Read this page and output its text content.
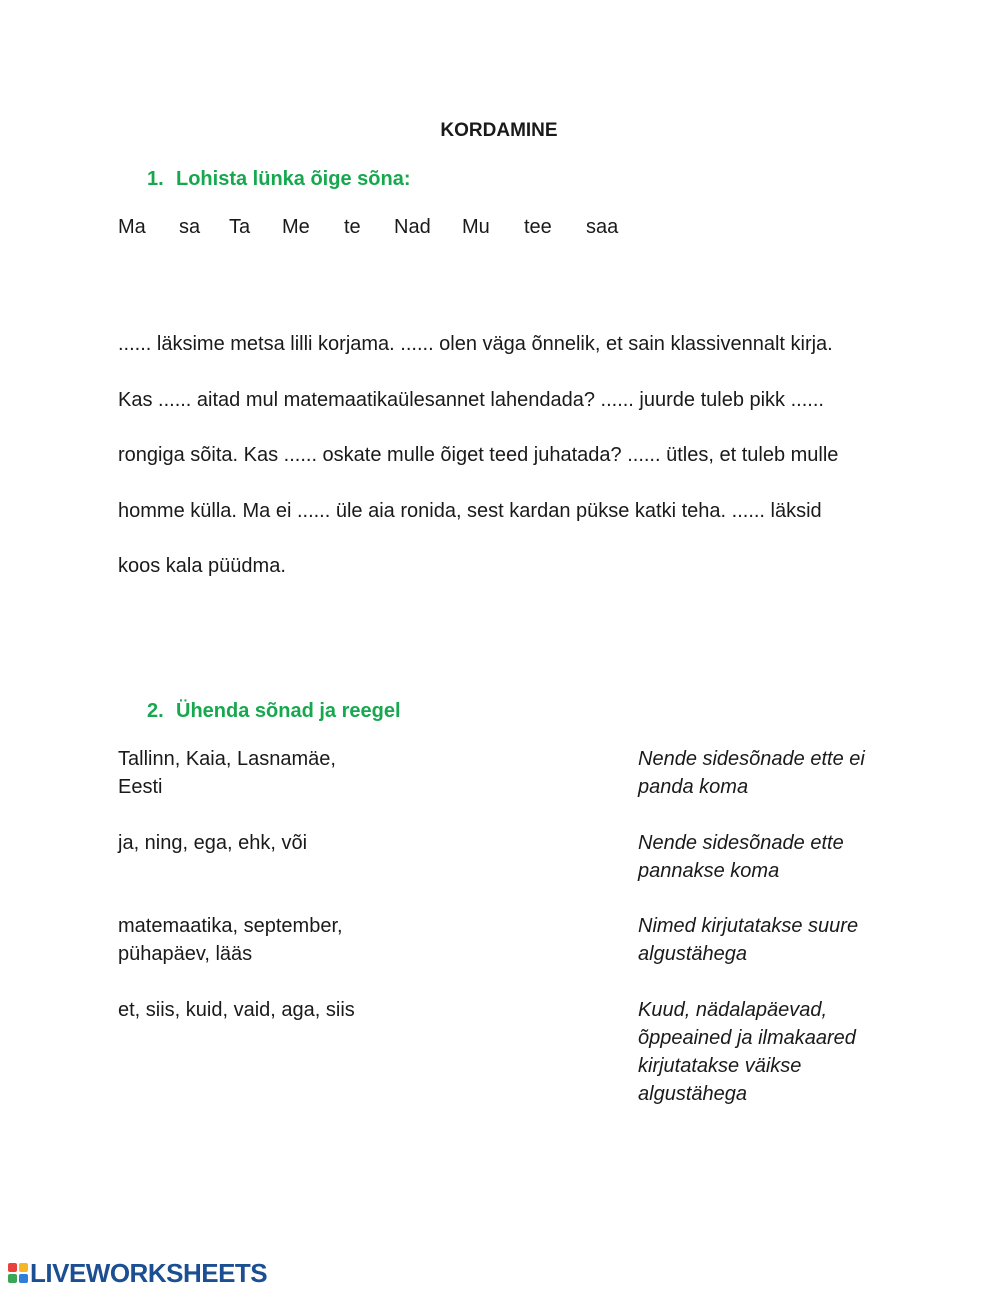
KORDAMINE
1. Lohista lünka õige sõna:
Ma sa Ta Me te Nad Mu tee saa
...... läksime metsa lilli korjama. ...... olen väga õnnelik, et sain klassivennalt kirja.
Kas ...... aitad mul matemaatikaülesannet lahendada? ...... juurde tuleb pikk ......
rongiga sõita. Kas ...... oskate mulle õiget teed juhatada? ...... ütles, et tuleb mulle
homme külla. Ma ei ...... üle aia ronida, sest kardan pükse katki teha. ...... läksid
koos kala püüdma.
2. Ühenda sõnad ja reegel
Tallinn, Kaia, Lasnamäe, Eesti
Nende sidesõnade ette ei panda koma
ja, ning, ega, ehk, või	Nende sidesõnade ette pannakse koma
matemaatika, september, pühapäev, lääs
Nimed kirjutatakse suure algustähega
et, siis, kuid, vaid, aga, siis	Kuud, nädalapäevad, õppeained ja ilmakaared kirjutatakse väikse algustähega
LIVEWORKSHEETS
